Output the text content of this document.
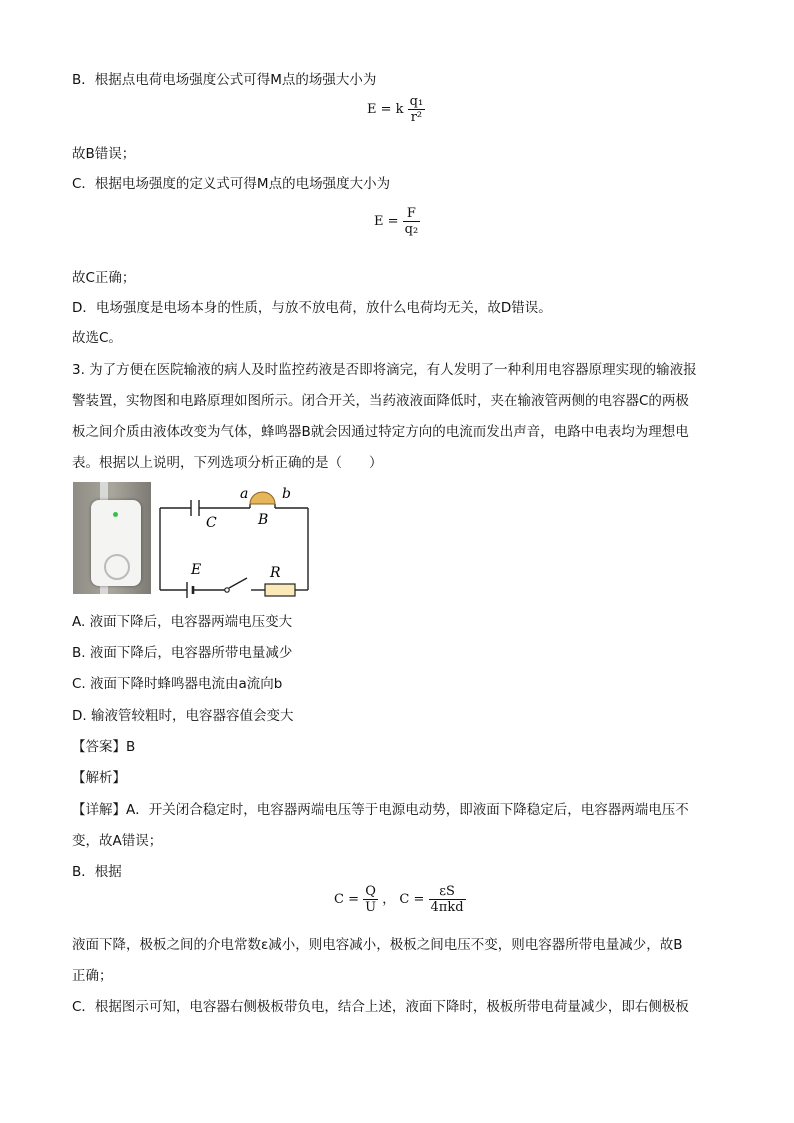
B．根据点电荷电场强度公式可得M点的场强大小为
E = k $\frac{\text{q₁}}{\text{r²}}$
故B错误；
C．根据电场强度的定义式可得M点的电场强度大小为
$E = \frac{F}{\text{q₂}}$
故C正确；
D．电场强度是电场本身的性质，与放不放电荷，放什么电荷均无关，故D错误。
故选C。
3. 为了方便在医院输液的病人及时监控药液是否即将滴完，有人发明了一种利用电容器原理实现的输液报
警装置，实物图和电路原理如图所示。闭合开关，当药液液面降低时，夹在输液管两侧的电容器C的两极
板之间介质由液体改变为气体，蜂鸣器B就会因通过特定方向的电流而发出声音，电路中电表均为理想电
表。根据以上说明，下列选项分析正确的是（　　）
C
a b
B
E	R
A. 液面下降后，电容器两端电压变大
B. 液面下降后，电容器所带电量减少
C. 液面下降时蜂鸣器电流由a流向b
D. 输液管较粗时，电容器容值会变大
【答案】B
【解析】
【详解】A．开关闭合稳定时，电容器两端电压等于电源电动势，即液面下降稳定后，电容器两端电压不
变，故A错误；
B．根据
$C = \frac{Q}{U}$ ， $C = \frac{\varepsilon S}{\text{4πkd}}$
液面下降，极板之间的介电常数ε减小，则电容减小，极板之间电压不变，则电容器所带电量减少，故B
正确；
C．根据图示可知，电容器右侧极板带负电，结合上述，液面下降时，极板所带电荷量减少，即右侧极板
